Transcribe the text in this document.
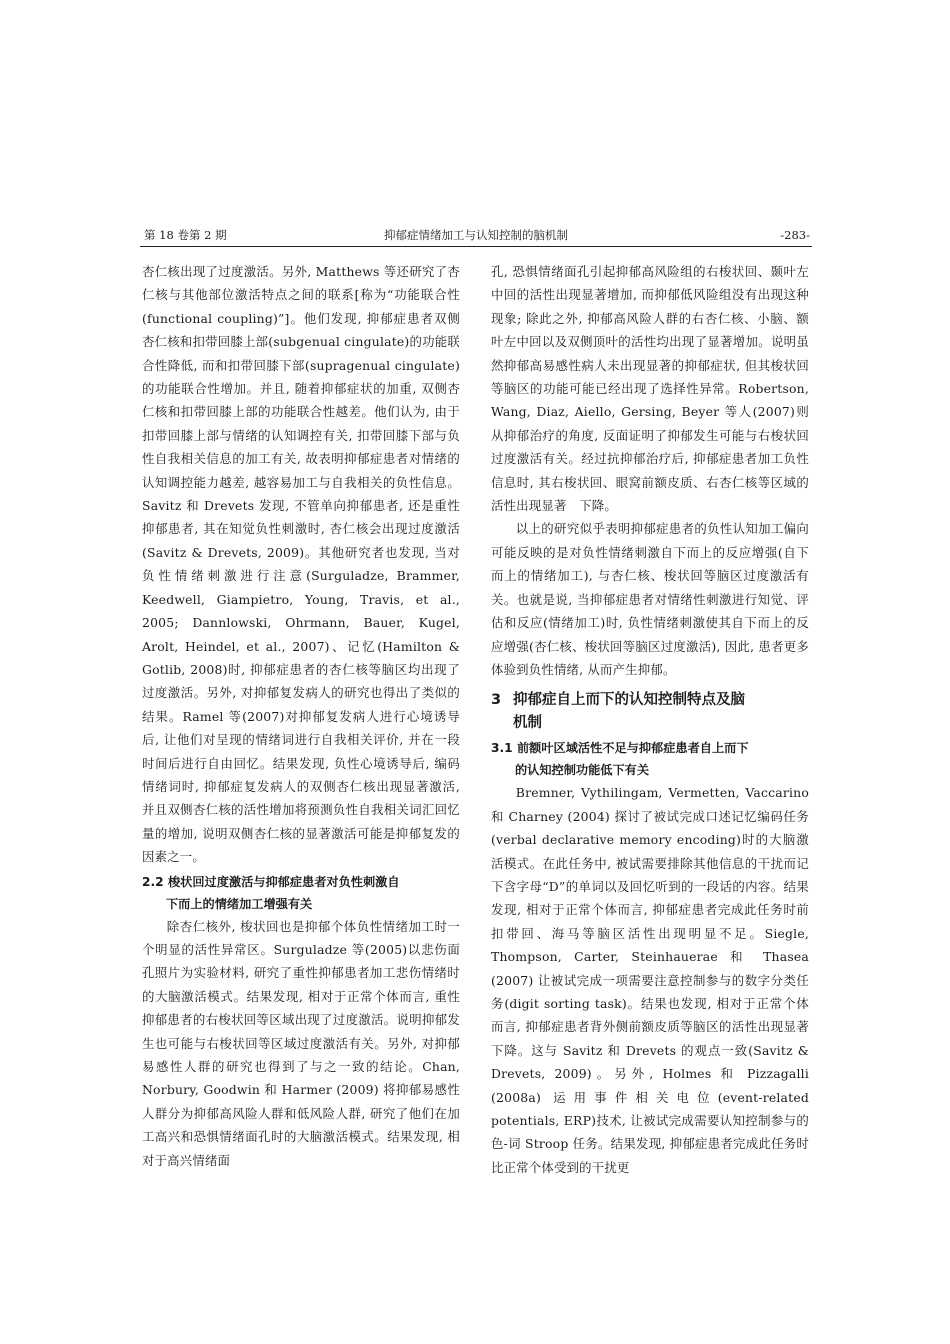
第 18 卷第 2 期	抑郁症情绪加工与认知控制的脑机制	-283-

杏仁核出现了过度激活。另外, Matthews 等还研究了杏仁核与其他部位激活特点之间的联系[称为“功能联合性(functional coupling)”]。他们发现, 抑郁症患者双侧杏仁核和扣带回膝上部(subgenual cingulate)的功能联合性降低, 而和扣带回膝下部(supragenual cingulate)的功能联合性增加。并且, 随着抑郁症状的加重, 双侧杏仁核和扣带回膝上部的功能联合性越差。他们认为, 由于扣带回膝上部与情绪的认知调控有关, 扣带回膝下部与负性自我相关信息的加工有关, 故表明抑郁症患者对情绪的认知调控能力越差, 越容易加工与自我相关的负性信息。Savitz 和 Drevets 发现, 不管单向抑郁患者, 还是重性抑郁患者, 其在知觉负性刺激时, 杏仁核会出现过度激活(Savitz & Drevets, 2009)。其他研究者也发现, 当对负性情绪刺激进行注意(Surguladze, Brammer, Keedwell, Giampietro, Young, Travis, et al., 2005; Dannlowski, Ohrmann, Bauer, Kugel, Arolt, Heindel, et al., 2007)、记忆(Hamilton & Gotlib, 2008)时, 抑郁症患者的杏仁核等脑区均出现了过度激活。另外, 对抑郁复发病人的研究也得出了类似的结果。Ramel 等(2007)对抑郁复发病人进行心境诱导后, 让他们对呈现的情绪词进行自我相关评价, 并在一段时间后进行自由回忆。结果发现, 负性心境诱导后, 编码情绪词时, 抑郁症复发病人的双侧杏仁核出现显著激活, 并且双侧杏仁核的活性增加将预测负性自我相关词汇回忆量的增加, 说明双侧杏仁核的显著激活可能是抑郁复发的因素之一。

2.2 梭状回过度激活与抑郁症患者对负性刺激自
下而上的情绪加工增强有关

除杏仁核外, 梭状回也是抑郁个体负性情绪加工时一个明显的活性异常区。Surguladze 等(2005)以悲伤面孔照片为实验材料, 研究了重性抑郁患者加工悲伤情绪时的大脑激活模式。结果发现, 相对于正常个体而言, 重性抑郁患者的右梭状回等区域出现了过度激活。说明抑郁发生也可能与右梭状回等区域过度激活有关。另外, 对抑郁易感性人群的研究也得到了与之一致的结论。Chan, Norbury, Goodwin 和 Harmer (2009) 将抑郁易感性人群分为抑郁高风险人群和低风险人群, 研究了他们在加工高兴和恐惧情绪面孔时的大脑激活模式。结果发现, 相对于高兴情绪面

孔, 恐惧情绪面孔引起抑郁高风险组的右梭状回、颞叶左中回的活性出现显著增加, 而抑郁低风险组没有出现这种现象; 除此之外, 抑郁高风险人群的右杏仁核、小脑、额叶左中回以及双侧顶叶的活性均出现了显著增加。说明虽然抑郁高易感性病人未出现显著的抑郁症状, 但其梭状回等脑区的功能可能已经出现了选择性异常。Robertson, Wang, Diaz, Aiello, Gersing, Beyer 等人(2007)则从抑郁治疗的角度, 反面证明了抑郁发生可能与右梭状回过度激活有关。经过抗抑郁治疗后, 抑郁症患者加工负性信息时, 其右梭状回、眼窝前额皮质、右杏仁核等区域的活性出现显著　下降。

以上的研究似乎表明抑郁症患者的负性认知加工偏向可能反映的是对负性情绪刺激自下而上的反应增强(自下而上的情绪加工), 与杏仁核、梭状回等脑区过度激活有关。也就是说, 当抑郁症患者对情绪性刺激进行知觉、评估和反应(情绪加工)时, 负性情绪刺激使其自下而上的反应增强(杏仁核、梭状回等脑区过度激活), 因此, 患者更多体验到负性情绪, 从而产生抑郁。

3 抑郁症自上而下的认知控制特点及脑
机制
3.1 前额叶区域活性不足与抑郁症患者自上而下
的认知控制功能低下有关

Bremner, Vythilingam, Vermetten, Vaccarino 和 Charney (2004) 探讨了被试完成口述记忆编码任务(verbal declarative memory encoding)时的大脑激活模式。在此任务中, 被试需要排除其他信息的干扰而记下含字母“D”的单词以及回忆听到的一段话的内容。结果发现, 相对于正常个体而言, 抑郁症患者完成此任务时前扣带回、海马等脑区活性出现明显不足。Siegle, Thompson, Carter, Steinhauerae 和 Thasea (2007) 让被试完成一项需要注意控制参与的数字分类任务(digit sorting task)。结果也发现, 相对于正常个体而言, 抑郁症患者背外侧前额皮质等脑区的活性出现显著下降。这与 Savitz 和 Drevets 的观点一致(Savitz & Drevets, 2009)。另外, Holmes 和 Pizzagalli (2008a) 运用事件相关电位(event-related potentials, ERP)技术, 让被试完成需要认知控制参与的色-词 Stroop 任务。结果发现, 抑郁症患者完成此任务时比正常个体受到的干扰更
